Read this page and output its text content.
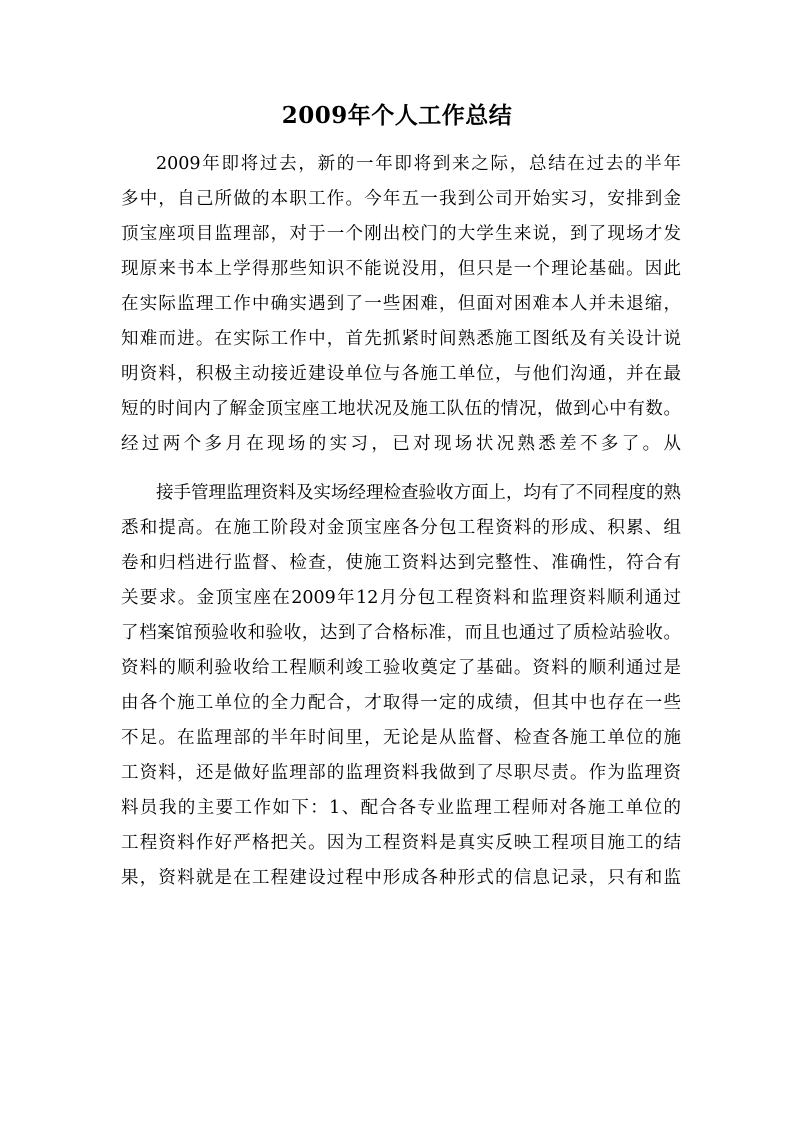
2009年个人工作总结
2009年即将过去，新的一年即将到来之际，总结在过去的半年
多中，自己所做的本职工作。今年五一我到公司开始实习，安排到金
顶宝座项目监理部，对于一个刚出校门的大学生来说，到了现场才发
现原来书本上学得那些知识不能说没用，但只是一个理论基础。因此
在实际监理工作中确实遇到了一些困难，但面对困难本人并未退缩，
知难而进。在实际工作中，首先抓紧时间熟悉施工图纸及有关设计说
明资料，积极主动接近建设单位与各施工单位，与他们沟通，并在最
短的时间内了解金顶宝座工地状况及施工队伍的情况，做到心中有数。
经过两个多月在现场的实习，已对现场状况熟悉差不多了。从
接手管理监理资料及实场经理检查验收方面上，均有了不同程度的熟
悉和提高。在施工阶段对金顶宝座各分包工程资料的形成、积累、组
卷和归档进行监督、检查，使施工资料达到完整性、准确性，符合有
关要求。金顶宝座在2009年12月分包工程资料和监理资料顺利通过
了档案馆预验收和验收，达到了合格标准，而且也通过了质检站验收。
资料的顺利验收给工程顺利竣工验收奠定了基础。资料的顺利通过是
由各个施工单位的全力配合，才取得一定的成绩，但其中也存在一些
不足。在监理部的半年时间里，无论是从监督、检查各施工单位的施
工资料，还是做好监理部的监理资料我做到了尽职尽责。作为监理资
料员我的主要工作如下：1、配合各专业监理工程师对各施工单位的
工程资料作好严格把关。因为工程资料是真实反映工程项目施工的结
果，资料就是在工程建设过程中形成各种形式的信息记录，只有和监
